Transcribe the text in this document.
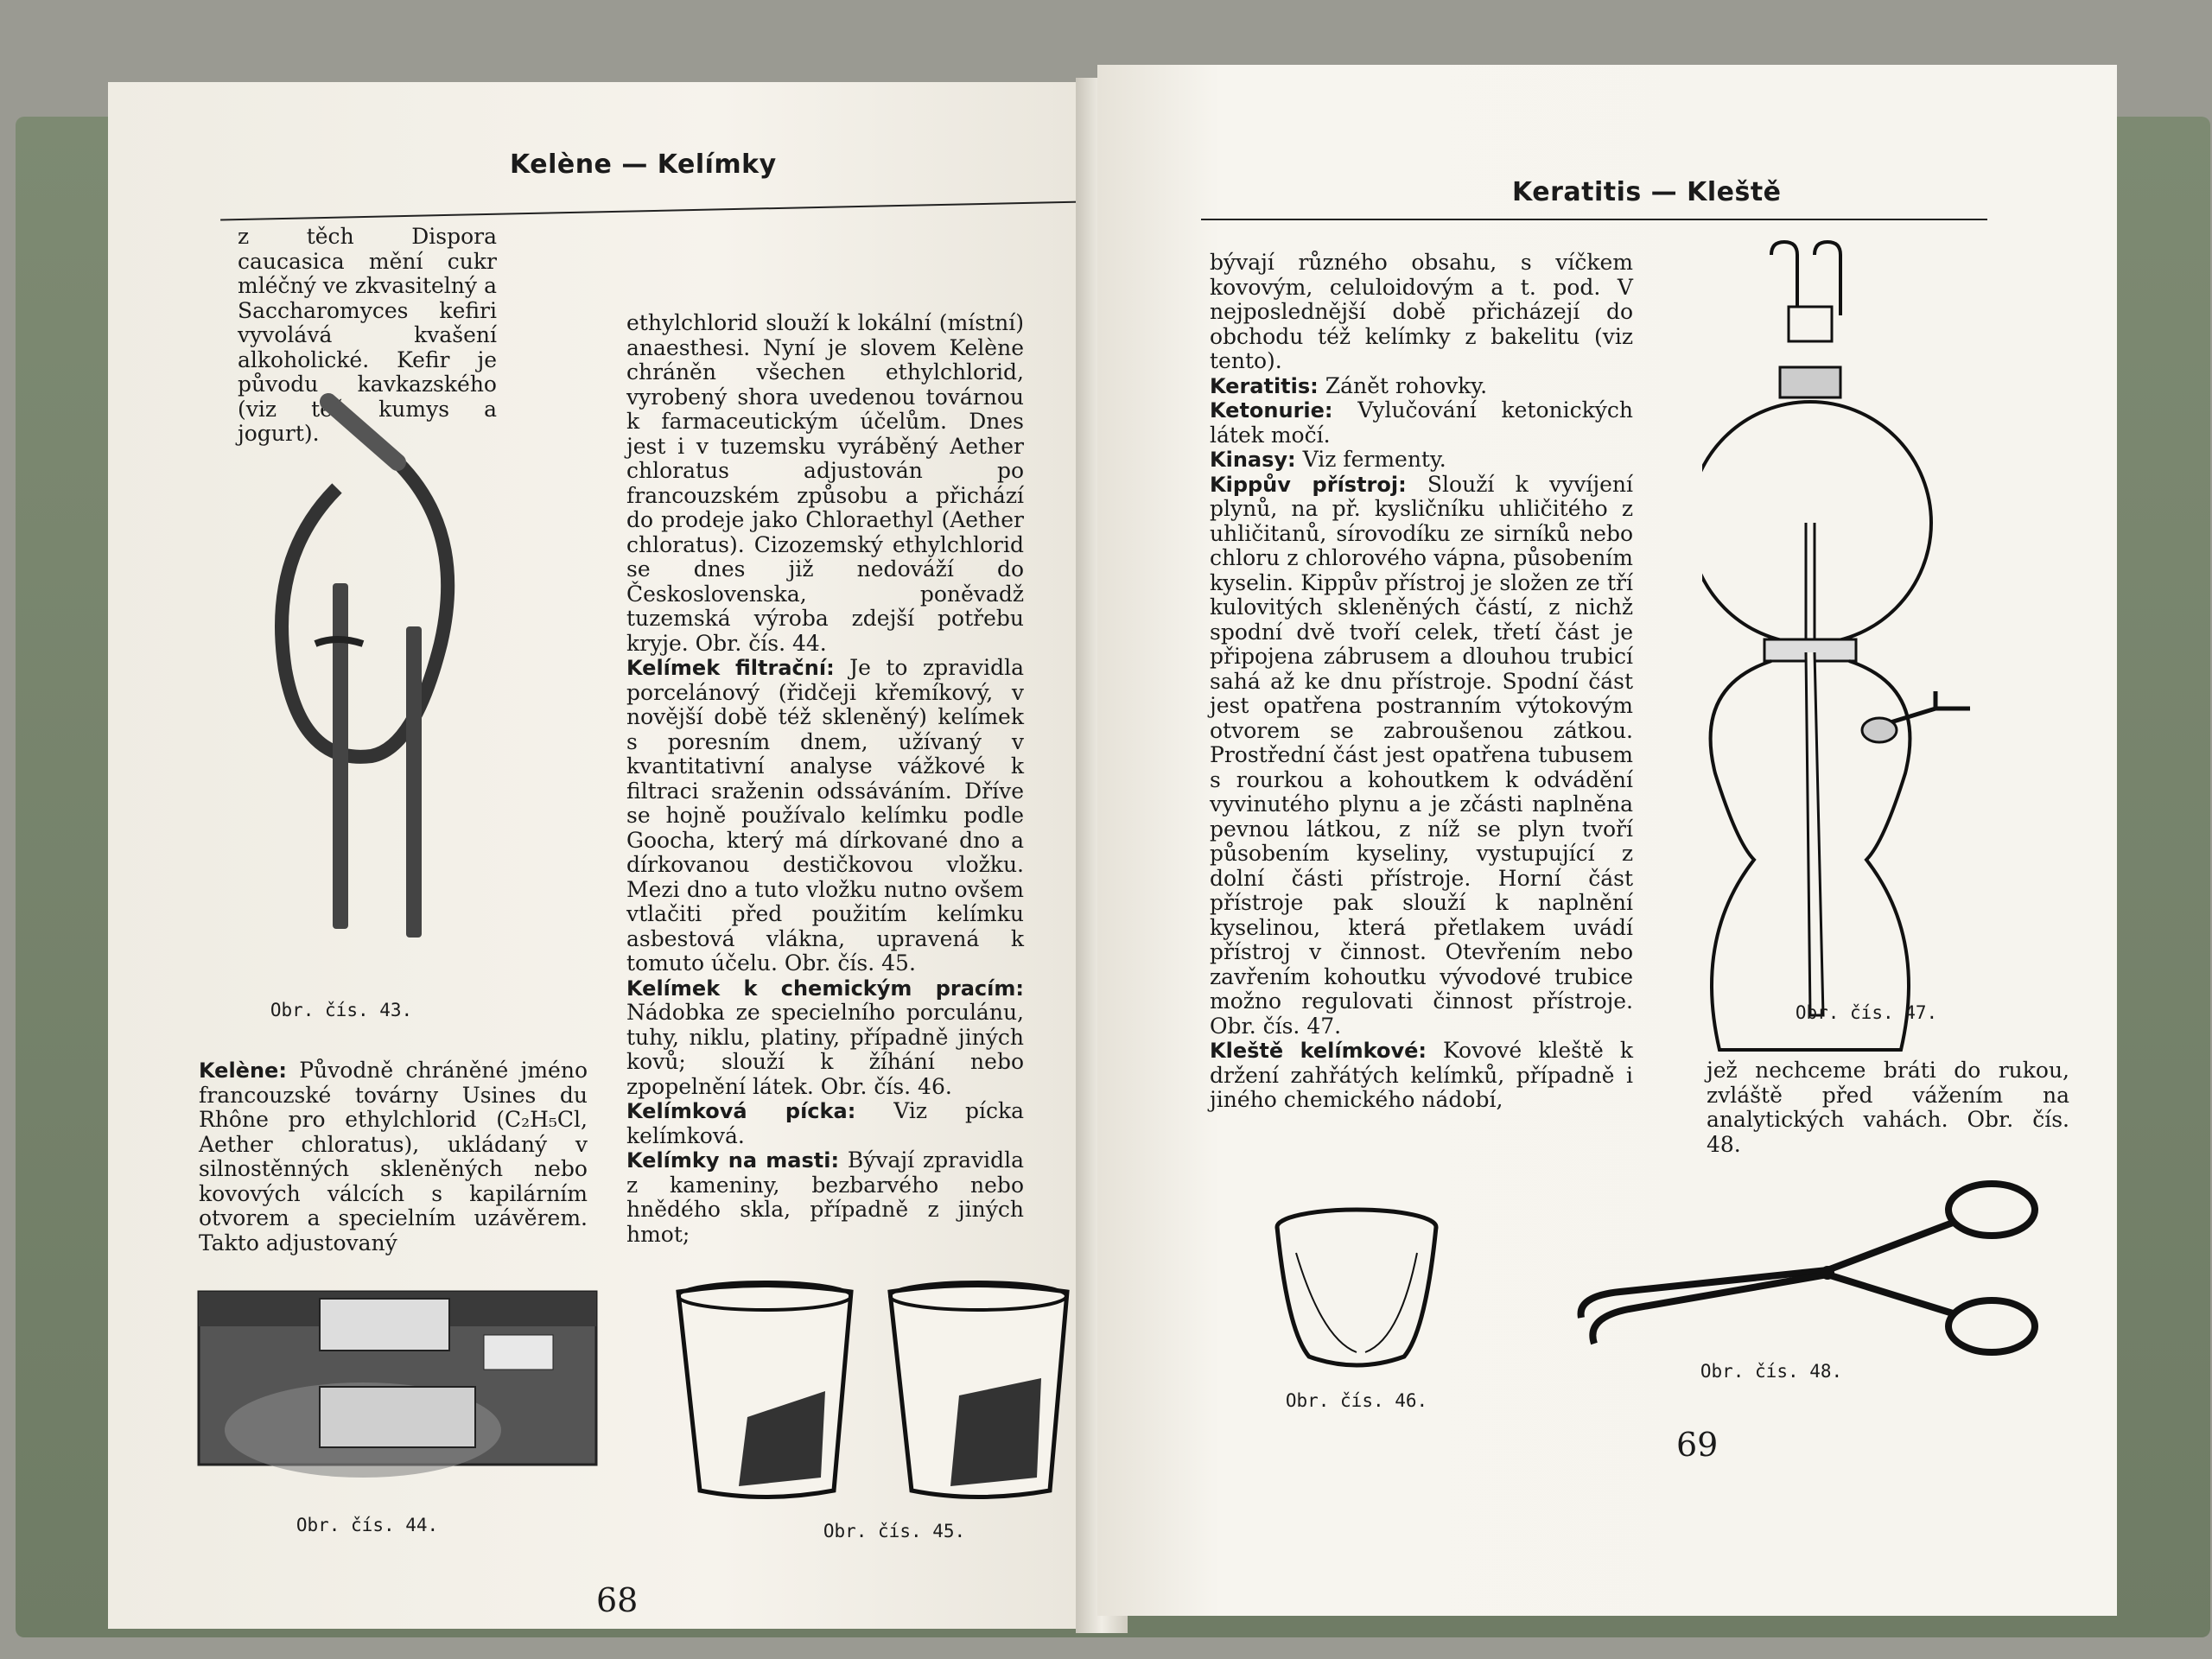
Kelène — Kelímky

z těch Dispora caucasica mění cukr mléčný ve zkvasitelný a Saccharomyces kefiri vyvolává kvašení alkoholické. Kefir je původu kavkazského (viz též kumys a jogurt).

Obr. čís. 43.

Kelène: Původně chráněné jméno francouzské továrny Usines du Rhône pro ethylchlorid (C₂H₅Cl, Aether chloratus), ukládaný v silnostěnných skleněných nebo kovových válcích s kapilárním otvorem a specielním uzávěrem. Takto adjustovaný

ethylchlorid slouží k lokální (místní) anaesthesi. Nyní je slovem Kelène chráněn všechen ethylchlorid, vyrobený shora uvedenou továrnou k farmaceutickým účelům. Dnes jest i v tuzemsku vyráběný Aether chloratus adjustován po francouzském způsobu a přichází do prodeje jako Chloraethyl (Aether chloratus). Cizozemský ethylchlorid se dnes již nedováží do Československa, poněvadž tuzemská výroba zdejší potřebu kryje. Obr. čís. 44.

Kelímek filtrační: Je to zpravidla porcelánový (řidčeji křemíkový, v novější době též skleněný) kelímek s poresním dnem, užívaný v kvantitativní analyse vážkové k filtraci sraženin odssáváním. Dříve se hojně používalo kelímku podle Goocha, který má dírkované dno a dírkovanou destičkovou vložku. Mezi dno a tuto vložku nutno ovšem vtlačiti před použitím kelímku asbestová vlákna, upravená k tomuto účelu. Obr. čís. 45.

Kelímek k chemickým pracím: Nádobka ze specielního porculánu, tuhy, niklu, platiny, případně jiných kovů; slouží k žíhání nebo zpopelnění látek. Obr. čís. 46.

Kelímková pícka: Viz pícka kelímková.

Kelímky na masti: Bývají zpravidla z kameniny, bezbarvého nebo hnědého skla, případně z jiných hmot;

Obr. čís. 44.	Obr. čís. 45.
68
Keratitis — Kleště

bývají různého obsahu, s víčkem kovovým, celuloidovým a t. pod. V nejposlednější době přicházejí do obchodu též kelímky z bakelitu (viz tento).

Keratitis: Zánět rohovky.

Ketonurie: Vylučování ketonických látek močí.

Kinasy: Viz fermenty.

Kippův přístroj: Slouží k vyvíjení plynů, na př. kysličníku uhličitého z uhličitanů, sírovodíku ze sirníků nebo chloru z chlorového vápna, působením kyselin. Kippův přístroj je složen ze tří kulovitých skleněných částí, z nichž spodní dvě tvoří celek, třetí část je připojena zábrusem a dlouhou trubicí sahá až ke dnu přístroje. Spodní část jest opatřena postranním výtokovým otvorem se zabroušenou zátkou. Prostřední část jest opatřena tubusem s rourkou a kohoutkem k odvádění vyvinutého plynu a je zčásti naplněna pevnou látkou, z níž se plyn tvoří působením kyseliny, vystupující z dolní části přístroje. Horní část přístroje pak slouží k naplnění kyselinou, která přetlakem uvádí přístroj v činnost. Otevřením nebo zavřením kohoutku vývodové trubice možno regulovati činnost přístroje. Obr. čís. 47.

Kleště kelímkové: Kovové kleště k držení zahřátých kelímků, případně i jiného chemického nádobí,

Obr. čís. 47.

jež nechceme bráti do rukou, zvláště před vážením na analytických vahách. Obr. čís. 48.

Obr. čís. 46.
Obr. čís. 48.
69
